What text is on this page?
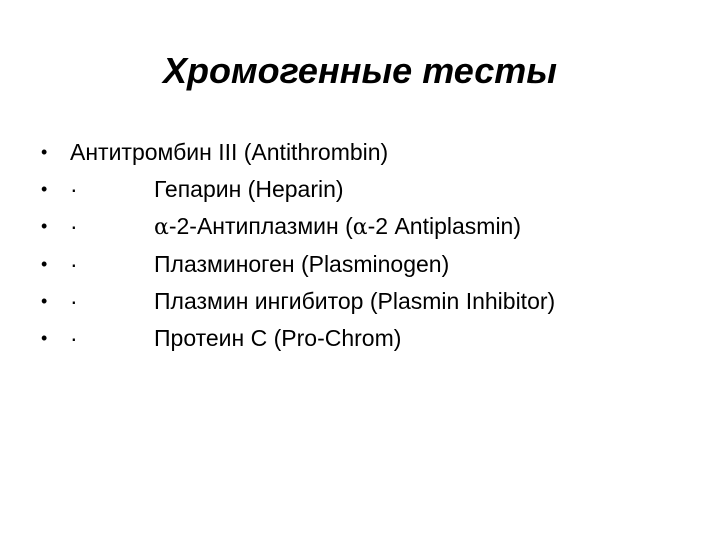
Хромогенные тесты
• Антитромбин III (Antithrombin)
• ·	Гепарин (Heparin)
• ·	α-2-Антиплазмин (α-2 Antiplasmin)
• ·	Плазминоген (Plasminogen)
• ·	Плазмин ингибитор (Plasmin Inhibitor)
• ·	Протеин C (Pro-Chrom)
